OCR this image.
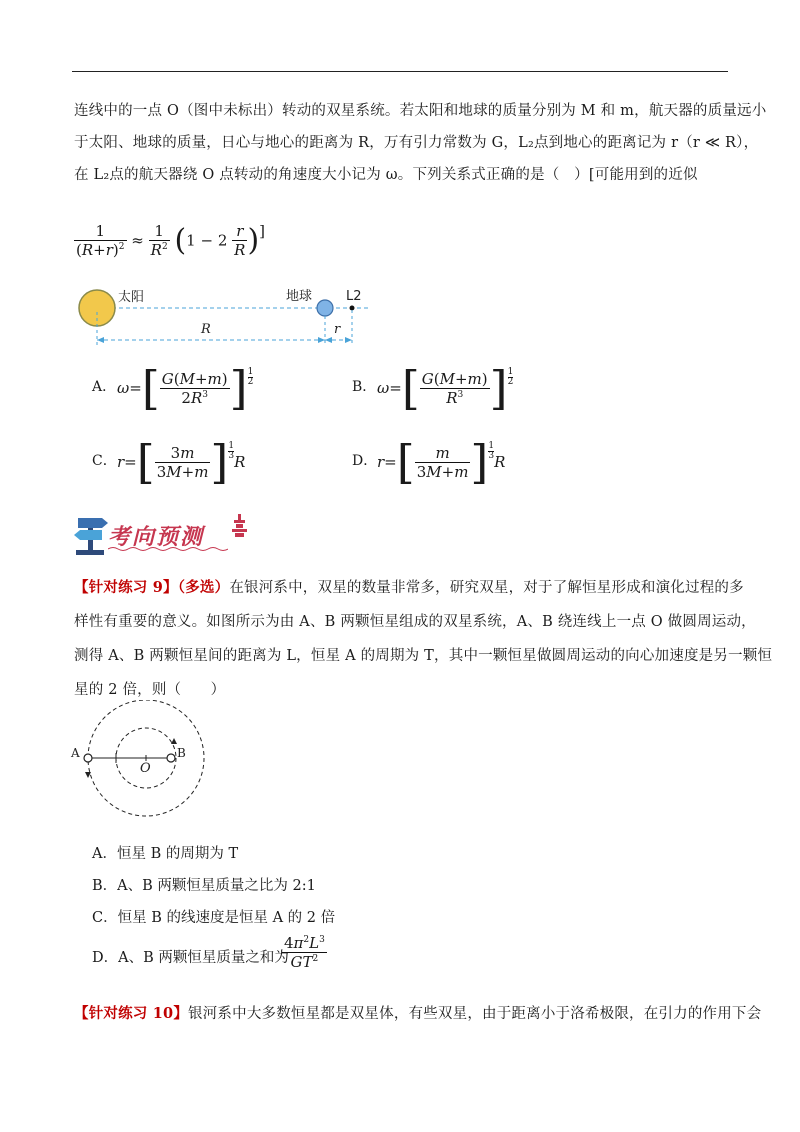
连线中的一点 O（图中未标出）转动的双星系统。若太阳和地球的质量分别为 M 和 m，航天器的质量远小
于太阳、地球的质量，日心与地心的距离为 R，万有引力常数为 G，L₂点到地心的距离记为 r（r ≪ R），
在 L₂点的航天器绕 O 点转动的角速度大小记为 ω。下列关系式正确的是（　）[可能用到的近似
$\frac{1}{(R+r)^2} \approx \frac{1}{R^2} (1 - 2 \frac{r}{R}$ )]
太阳	地球	L2
R	r
A． $\omega=[ \frac{G(M+m)}{2R^3}$ ] $\frac{1}{2}$	B． $\omega=[ \frac{G(M+m)}{R^3}$ ] $\frac{1}{2}$
C． $r=[ \frac{3m}{3M+m}$ ] $\frac{1}{3}$
R	D． $r=[ \frac{m}{3M+m}$ ] $\frac{1}{3}$
R
考向预测
【针对练习 9】（多选）在银河系中，双星的数量非常多，研究双星，对于了解恒星形成和演化过程的多
样性有重要的意义。如图所示为由 A、B 两颗恒星组成的双星系统，A、B 绕连线上一点 O 做圆周运动，
测得 A、B 两颗恒星间的距离为 L，恒星 A 的周期为 T，其中一颗恒星做圆周运动的向心加速度是另一颗恒
星的 2 倍，则（　　）
A	B
O
A．恒星 B 的周期为 T
B．A、B 两颗恒星质量之比为 2:1
C．恒星 B 的线速度是恒星 A 的 2 倍
D．A、B 两颗恒星质量之和为
$\frac{4\pi^2L^3}{GT^2}$
【针对练习 10】银河系中大多数恒星都是双星体，有些双星，由于距离小于洛希极限，在引力的作用下会
